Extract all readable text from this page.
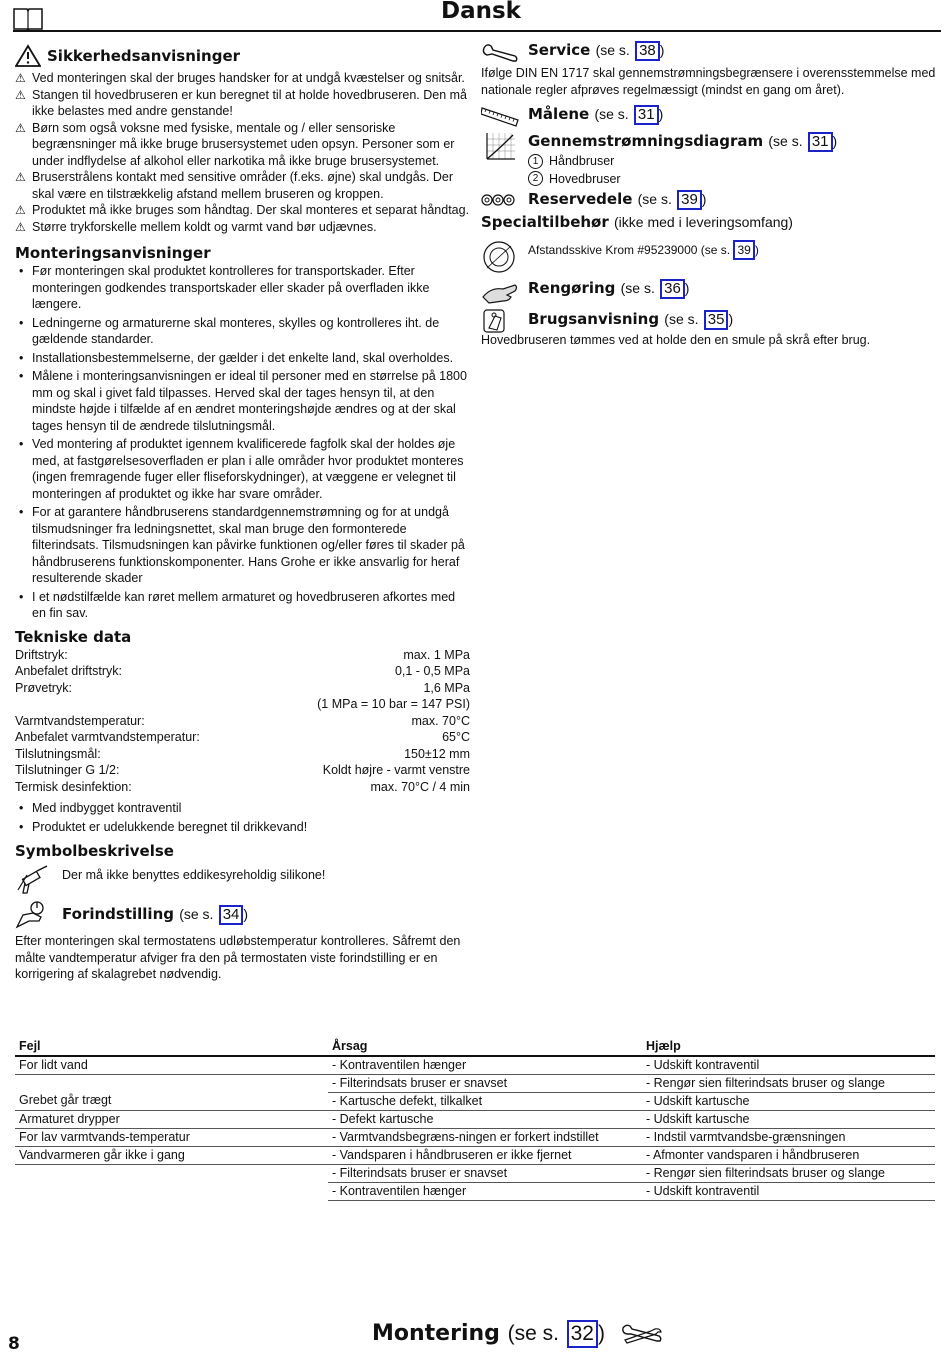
Dansk
Sikkerhedsanvisninger
⚠ Ved monteringen skal der bruges handsker for at undgå kvæstelser og snitsår.
⚠ Stangen til hovedbruseren er kun beregnet til at holde hovedbruseren. Den må ikke belastes med andre genstande!
⚠ Børn som også voksne med fysiske, mentale og / eller sensoriske begrænsninger må ikke bruge brusersystemet uden opsyn. Personer som er under indflydelse af alkohol eller narkotika må ikke bruge brusersystemet.
⚠ Bruserstrålens kontakt med sensitive områder (f.eks. øjne) skal undgås. Der skal være en tilstrækkelig afstand mellem bruseren og kroppen.
⚠ Produktet må ikke bruges som håndtag. Der skal monteres et separat håndtag.
⚠ Større trykforskelle mellem koldt og varmt vand bør udjævnes.
Monteringsanvisninger
• Før monteringen skal produktet kontrolleres for transportskader. Efter monteringen godkendes transportskader eller skader på overfladen ikke længere.
• Ledningerne og armaturerne skal monteres, skylles og kontrolleres iht. de gældende standarder.
• Installationsbestemmelserne, der gælder i det enkelte land, skal overholdes.
• Målene i monteringsanvisningen er ideal til personer med en størrelse på 1800 mm og skal i givet fald tilpasses. Herved skal der tages hensyn til, at den mindste højde i tilfælde af en ændret monteringshøjde ændres og at der skal tages hensyn til de ændrede tilslutningsmål.
• Ved montering af produktet igennem kvalificerede fagfolk skal der holdes øje med, at fastgørelsesoverfladen er plan i alle områder hvor produktet monteres (ingen fremragende fuger eller fliseforskydninger), at væggene er velegnet til monteringen af produktet og ikke har svare områder.
• For at garantere håndbruserens standardgennemstrømning og for at undgå tilsmudsninger fra ledningsnettet, skal man bruge den formonterede filterindsats. Tilsmudsningen kan påvirke funktionen og/eller føres til skader på håndbruserens funktionskomponenter. Hans Grohe er ikke ansvarlig for heraf resulterende skader
• I et nødstilfælde kan røret mellem armaturet og hovedbruseren afkortes med en fin sav.
Tekniske data
Driftstryk:	max. 1 MPa
Anbefalet driftstryk:	0,1 - 0,5 MPa
Prøvetryk:	1,6 MPa
(1 MPa = 10 bar = 147 PSI)
Varmtvandstemperatur:	max. 70°C
Anbefalet varmtvandstemperatur:	65°C
Tilslutningsmål:	150±12 mm
Tilslutninger G 1/2:	Koldt højre - varmt venstre
Termisk desinfektion:	max. 70°C / 4 min
• Med indbygget kontraventil
• Produktet er udelukkende beregnet til drikkevand!
Symbolbeskrivelse
Der må ikke benyttes eddikesyreholdig silikone!
Forindstilling (se s. 34 )
Efter monteringen skal termostatens udløbstemperatur kontrolleres. Såfremt den målte vandtemperatur afviger fra den på termostaten viste forindstilling er en korrigering af skalagrebet nødvendig.
Service (se s. 38 )
Ifølge DIN EN 1717 skal gennemstrømningsbegrænsere i overensstemmelse med nationale regler afprøves regelmæssigt (mindst en gang om året).
Målene (se s. 31 )
Gennemstrømningsdiagram (se s. 31 )
1 Håndbruser
2 Hovedbruser
Reservedele (se s. 39 )
Specialtilbehør (ikke med i leveringsomfang)
Afstandsskive Krom #95239000 (se s. 39 )
Rengøring (se s. 36 )
Brugsanvisning (se s. 35 )
Hovedbruseren tømmes ved at holde den en smule på skrå efter brug.
Fejl	Årsag	Hjælp
For lidt vand	- Kontraventilen hænger	- Udskift kontraventil
	- Filterindsats bruser er snavset	- Rengør sien filterindsats bruser og slange
Grebet går trægt	- Kartusche defekt, tilkalket	- Udskift kartusche
Armaturet drypper	- Defekt kartusche	- Udskift kartusche
For lav varmtvands-temperatur	- Varmtvandsbegræns-ningen er forkert indstillet	- Indstil varmtvandsbe-grænsningen
Vandvarmeren går ikke i gang	- Vandsparen i håndbruseren er ikke fjernet	- Afmonter vandsparen i håndbruseren
	- Filterindsats bruser er snavset	- Rengør sien filterindsats bruser og slange
	- Kontraventilen hænger	- Udskift kontraventil
8	Montering (se s. 32 )
